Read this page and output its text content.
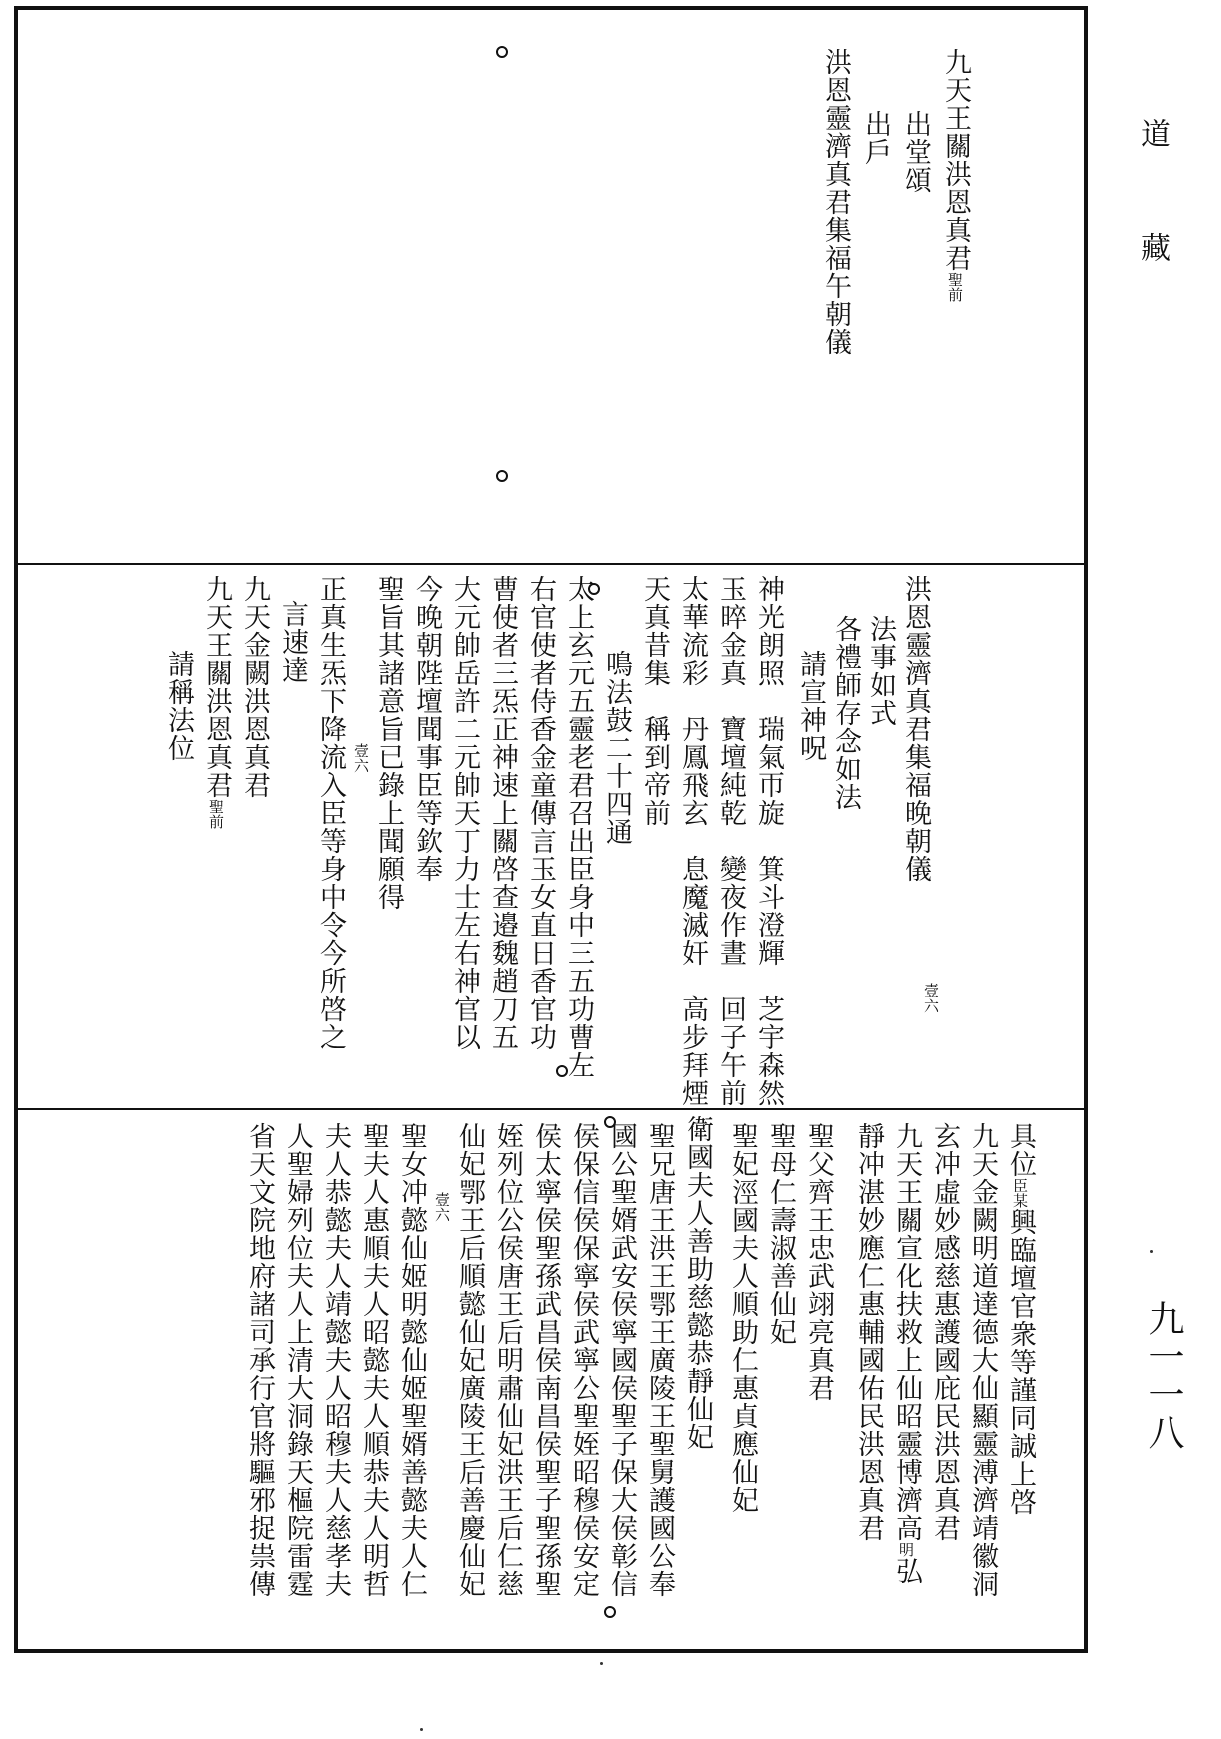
道
藏
九一一八
九天王關洪恩真君聖前
出堂頌
出戶
洪恩靈濟真君集福午朝儀
洪恩靈濟真君集福晚朝儀
壹六
法事如式
各禮師存念如法
請宣神呪
神光朗照　瑞氣帀旋　箕斗澄輝　芝宇森然
玉晬金真　寶壇純乾　變夜作晝　回子午前
太華流彩　丹鳳飛玄　息魔滅奸　高步拜煙
天真昔集　稱到帝前
鳴法鼓二十四通
太上玄元五靈老君召出臣身中三五功曹左
右官使者侍香金童傳言玉女直日香官功
曹使者三炁正神速上關啓查邉魏趙刀五
大元帥岳許二元帥天丁力士左右神官以
今晚朝陛壇聞事臣等欽奉
聖旨其諸意旨已錄上聞願得
壹六
正真生炁下降流入臣等身中令今所啓之
言速達
九天金闕洪恩真君
九天王關洪恩真君聖前
請稱法位
具位臣某興臨壇官衆等謹同誠上啓
九天金闕明道達德大仙顯靈溥濟靖徽洞
玄冲虛妙感慈惠護國庇民洪恩真君
九天王關宣化扶救上仙昭靈博濟高明弘
靜冲湛妙應仁惠輔國佑民洪恩真君
聖父齊王忠武翊亮真君
聖母仁壽淑善仙妃
聖妃涇國夫人順助仁惠貞應仙妃
衛國夫人善助慈懿恭靜仙妃
聖兄唐王洪王鄂王廣陵王聖舅護國公奉
國公聖婿武安侯寧國侯聖子保大侯彰信
侯保信侯保寧侯武寧公聖姪昭穆侯安定
侯太寧侯聖孫武昌侯南昌侯聖子聖孫聖
姪列位公侯唐王后明肅仙妃洪王后仁慈
仙妃鄂王后順懿仙妃廣陵王后善慶仙妃
壹六
聖女冲懿仙姬明懿仙姬聖婿善懿夫人仁
聖夫人惠順夫人昭懿夫人順恭夫人明哲
夫人恭懿夫人靖懿夫人昭穆夫人慈孝夫
人聖婦列位夫人上清大洞錄天樞院雷霆
省天文院地府諸司承行官將驅邪捉祟傳
